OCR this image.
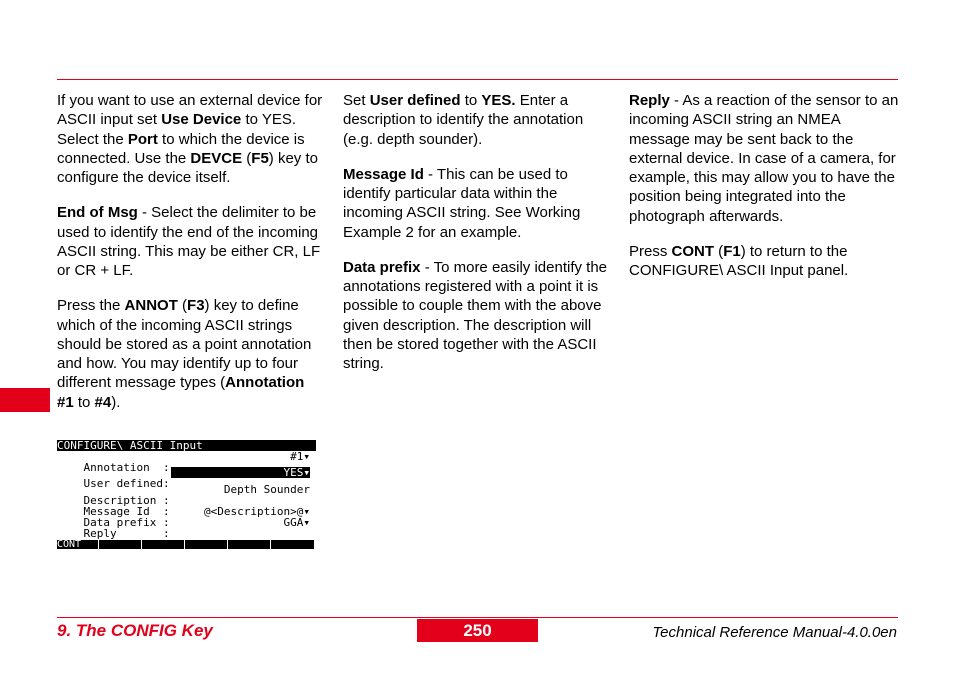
If you want to use an external device for ASCII input set Use Device to YES. Select the Port to which the device is connected. Use the DEVCE (F5) key to configure the device itself.

End of Msg - Select the delimiter to be used to identify the end of the incoming ASCII string. This may be either CR, LF or CR + LF.

Press the ANNOT (F3) key to define which of the incoming ASCII strings should be stored as a point annotation and how. You may identify up to four different message types (Annotation #1 to #4).

Set User defined to YES. Enter a description to identify the annotation (e.g. depth sounder).

Message Id - This can be used to identify particular data within the incoming ASCII string. See Working Example 2 for an example.

Data prefix - To more easily identify the annotations registered with a point it is possible to couple them with the above given description. The description will then be stored together with the ASCII string.

Reply - As a reaction of the sensor to an incoming ASCII string an NMEA message may be sent back to the external device. In case of a camera, for example, this may allow you to have the position being integrated into the photograph afterwards.

Press CONT (F1) to return to the CONFIGURE\ ASCII Input panel.

CONFIGURE\ ASCII Input

Annotation  :

#1▾

User defined:

YES▾

Description :

Depth Sounder

Message Id  :

Data prefix :

@<Description>@▾

Reply       :

GGA▾

CONT
9. The CONFIG Key	250	Technical Reference Manual-4.0.0en
